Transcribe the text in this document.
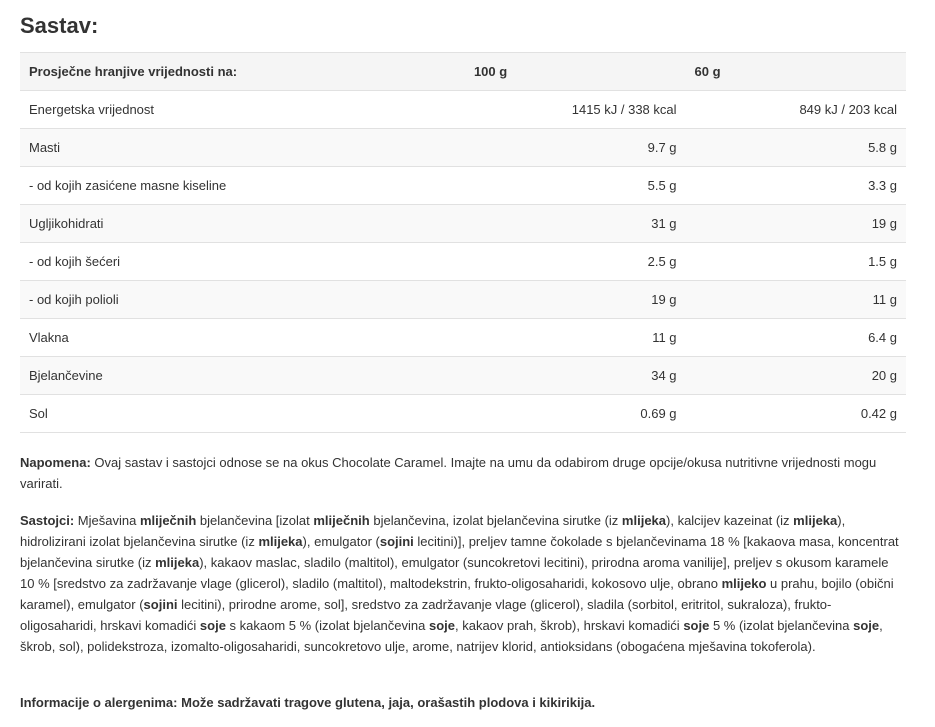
Sastav:
Prosječne hranjive vrijednosti na:	100 g	60 g
Energetska vrijednost	1415 kJ / 338 kcal	849 kJ / 203 kcal
Masti	9.7 g	5.8 g
- od kojih zasićene masne kiseline	5.5 g	3.3 g
Ugljikohidrati	31 g	19 g
- od kojih šećeri	2.5 g	1.5 g
- od kojih polioli	19 g	11 g
Vlakna	11 g	6.4 g
Bjelančevine	34 g	20 g
Sol	0.69 g	0.42 g

Napomena: Ovaj sastav i sastojci odnose se na okus Chocolate Caramel. Imajte na umu da odabirom druge opcije/okusa nutritivne vrijednosti mogu varirati.

Sastojci: Mješavina mliječnih bjelančevina [izolat mliječnih bjelančevina, izolat bjelančevina sirutke (iz mlijeka), kalcijev kazeinat (iz mlijeka), hidrolizirani izolat bjelančevina sirutke (iz mlijeka), emulgator (sojini lecitini)], preljev tamne čokolade s bjelančevinama 18 % [kakaova masa, koncentrat bjelančevina sirutke (iz mlijeka), kakaov maslac, sladilo (maltitol), emulgator (suncokretovi lecitini), prirodna aroma vanilije], preljev s okusom karamele 10 % [sredstvo za zadržavanje vlage (glicerol), sladilo (maltitol), maltodekstrin, frukto-oligosaharidi, kokosovo ulje, obrano mlijeko u prahu, bojilo (obični karamel), emulgator (sojini lecitini), prirodne arome, sol], sredstvo za zadržavanje vlage (glicerol), sladila (sorbitol, eritritol, sukraloza), frukto-oligosaharidi, hrskavi komadići soje s kakaom 5 % (izolat bjelančevina soje, kakaov prah, škrob), hrskavi komadići soje 5 % (izolat bjelančevina soje, škrob, sol), polidekstroza, izomalto-oligosaharidi, suncokretovo ulje, arome, natrijev klorid, antioksidans (obogaćena mješavina tokoferola).

Informacije o alergenima: Može sadržavati tragove glutena, jaja, orašastih plodova i kikirikija.
